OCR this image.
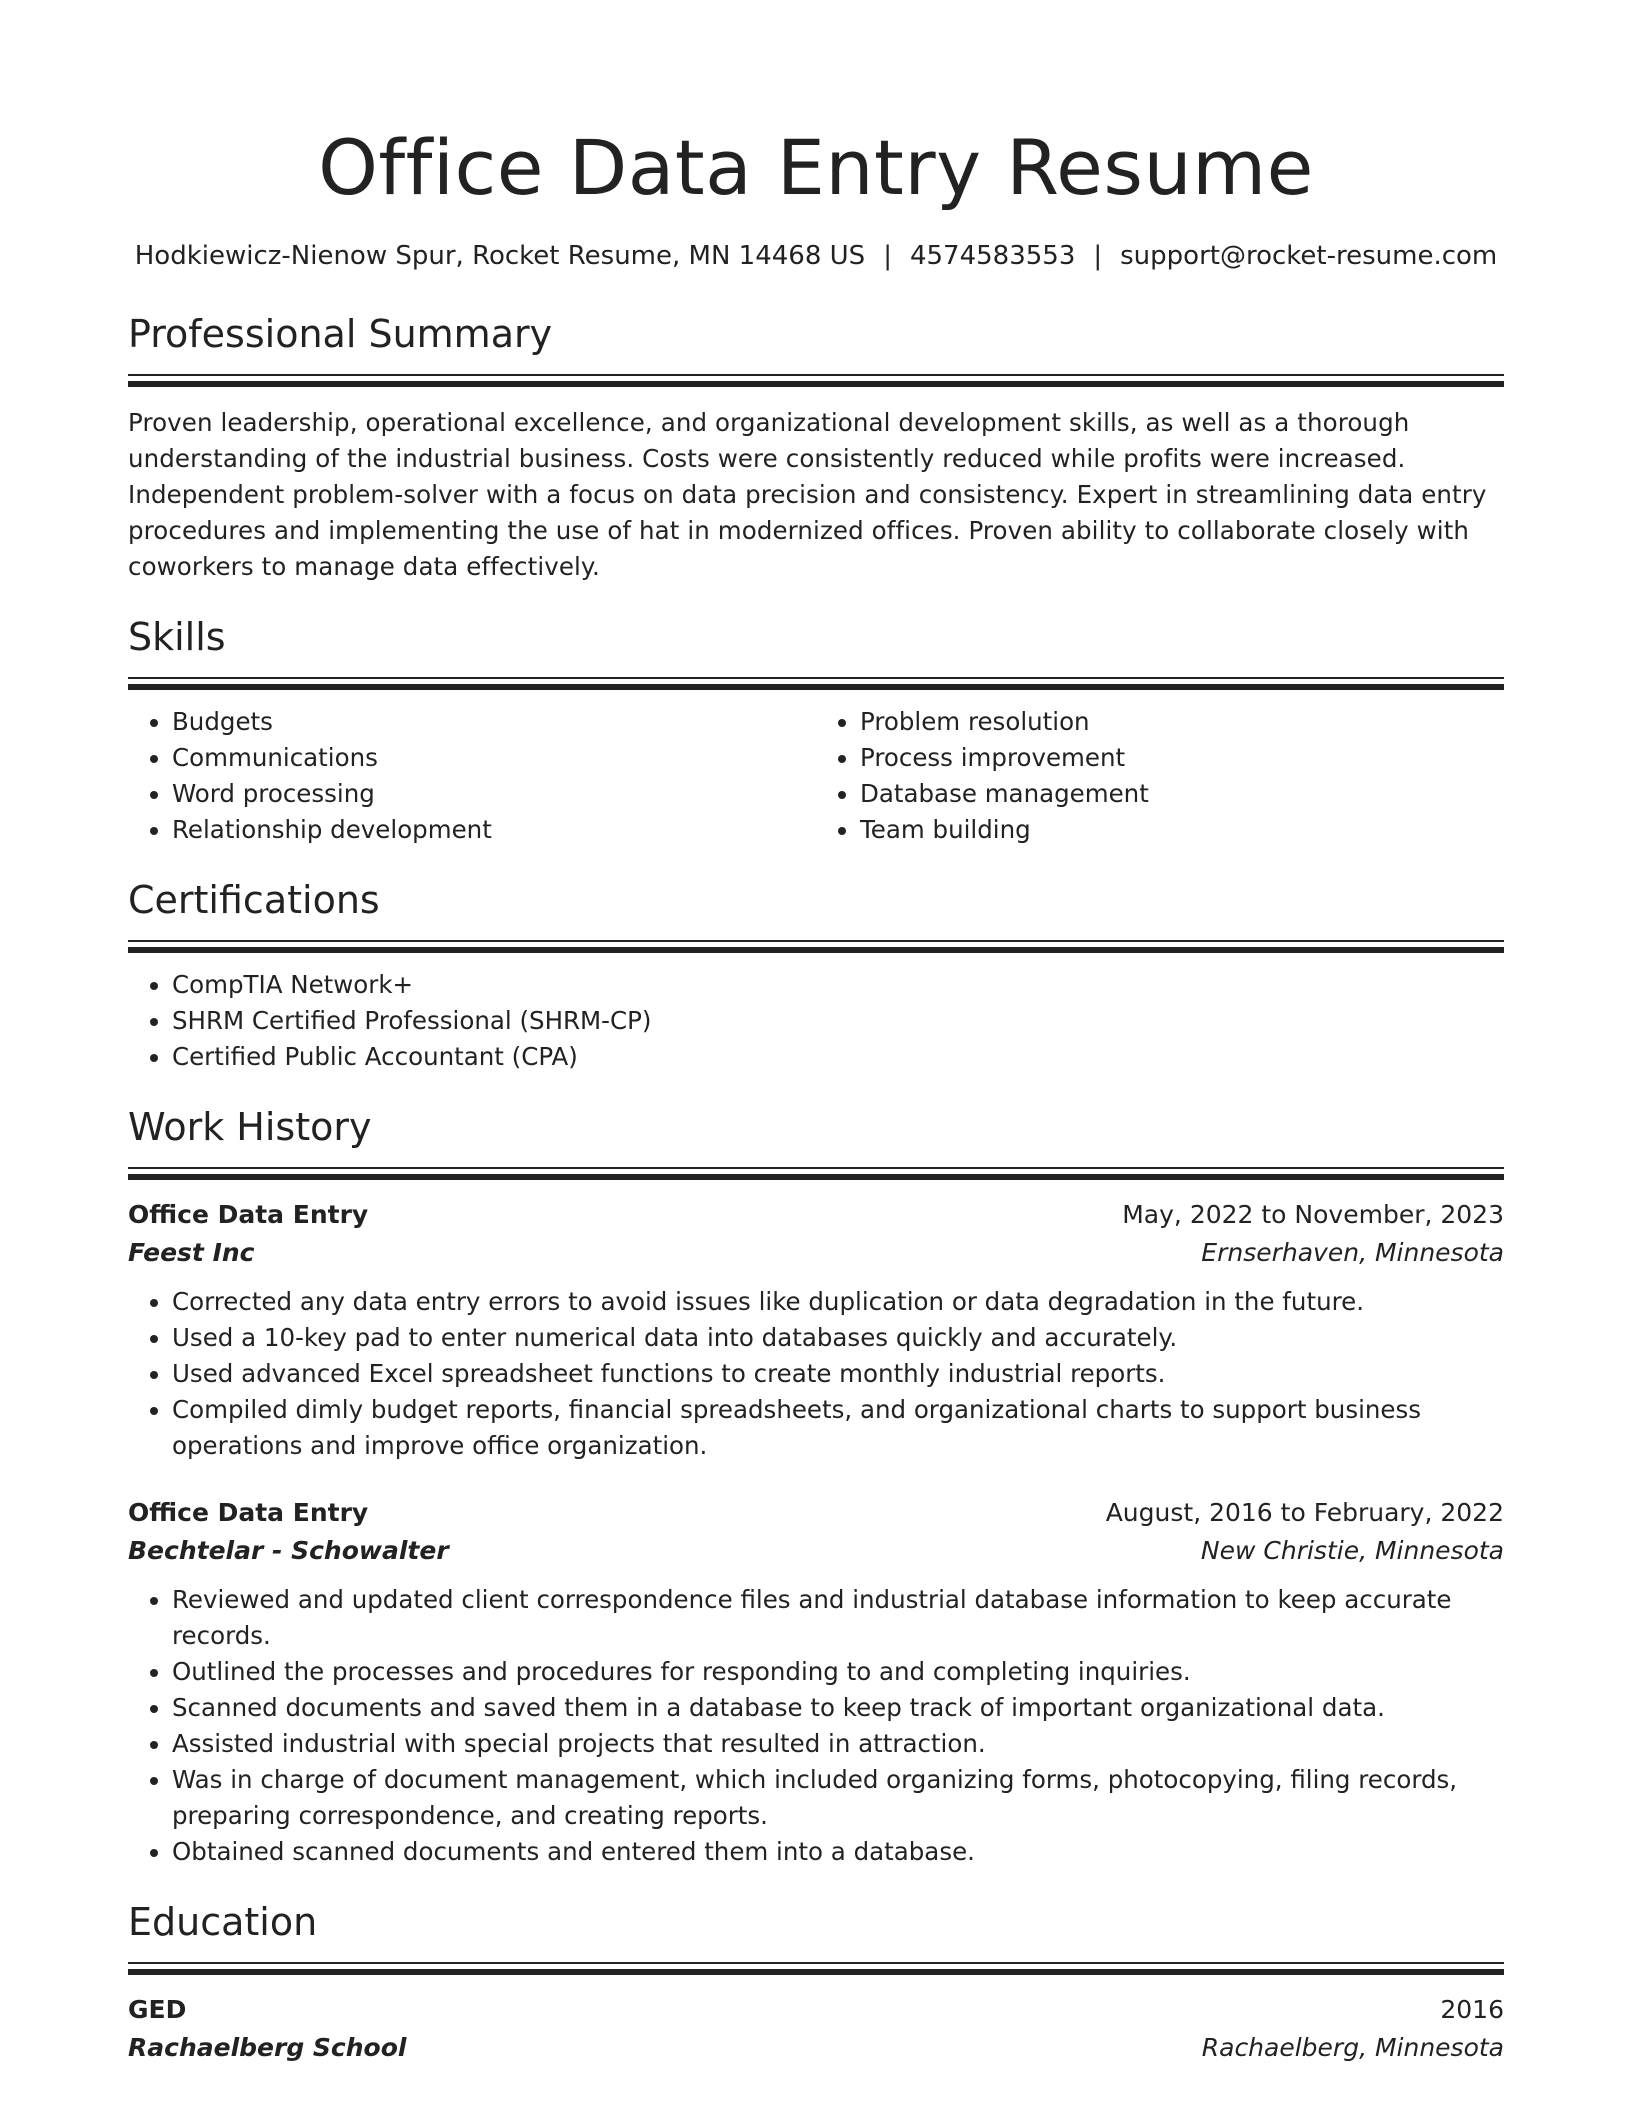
Office Data Entry Resume
Hodkiewicz-Nienow Spur, Rocket Resume, MN 14468 US | 4574583553 | support@rocket-resume.com
Professional Summary

Proven leadership, operational excellence, and organizational development skills, as well as a thorough understanding of the industrial business. Costs were consistently reduced while profits were increased. Independent problem-solver with a focus on data precision and consistency. Expert in streamlining data entry procedures and implementing the use of hat in modernized offices. Proven ability to collaborate closely with coworkers to manage data effectively.

Skills
• Budgets
• Communications
• Word processing
• Relationship development
• Problem resolution
• Process improvement
• Database management
• Team building
Certifications
• CompTIA Network+
• SHRM Certified Professional (SHRM-CP)
• Certified Public Accountant (CPA)
Work History
Office Data Entry	May, 2022 to November, 2023
Feest Inc	Ernserhaven, Minnesota
• Corrected any data entry errors to avoid issues like duplication or data degradation in the future.
• Used a 10-key pad to enter numerical data into databases quickly and accurately.
• Used advanced Excel spreadsheet functions to create monthly industrial reports.
• Compiled dimly budget reports, financial spreadsheets, and organizational charts to support business operations and improve office organization.
Office Data Entry	August, 2016 to February, 2022
Bechtelar - Schowalter	New Christie, Minnesota
• Reviewed and updated client correspondence files and industrial database information to keep accurate records.
• Outlined the processes and procedures for responding to and completing inquiries.
• Scanned documents and saved them in a database to keep track of important organizational data.
• Assisted industrial with special projects that resulted in attraction.
• Was in charge of document management, which included organizing forms, photocopying, filing records, preparing correspondence, and creating reports.
• Obtained scanned documents and entered them into a database.
Education
GED	2016
Rachaelberg School	Rachaelberg, Minnesota
